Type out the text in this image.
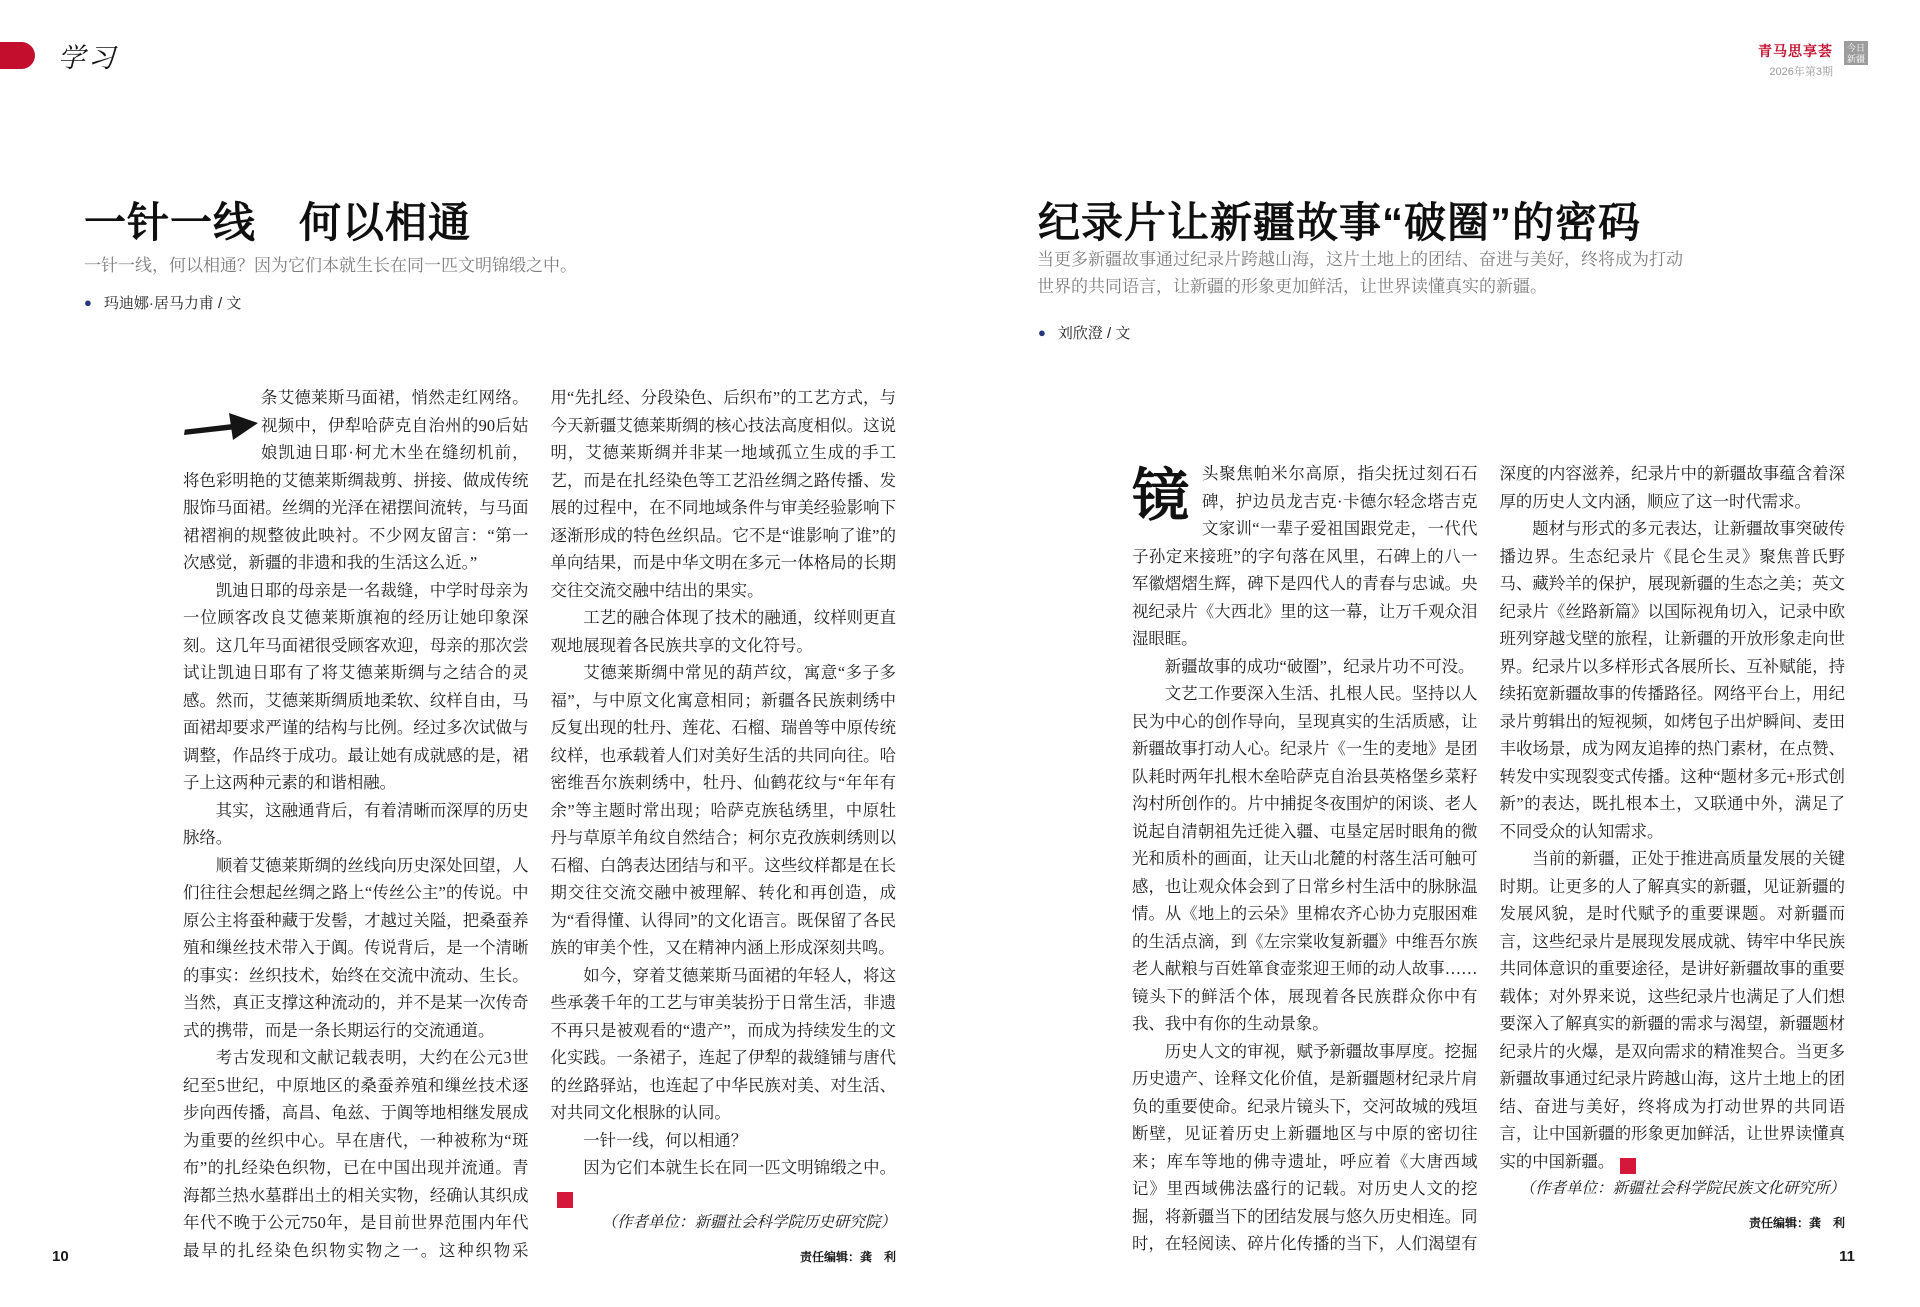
学习	青马思享荟
2026年第3期
今日
新疆
一针一线　何以相通
一针一线，何以相通？因为它们本就生长在同一匹文明锦缎之中。
● 玛迪娜·居马力甫 / 文

条艾德莱斯马面裙，悄然走红网络。视频中，伊犁哈萨克自治州的90后姑娘凯迪日耶·柯尤木坐在缝纫机前，将色彩明艳的艾德莱斯绸裁剪、拼接、做成传统服饰马面裙。丝绸的光泽在裙摆间流转，与马面裙褶裥的规整彼此映衬。不少网友留言：“第一次感觉，新疆的非遗和我的生活这么近。”

凯迪日耶的母亲是一名裁缝，中学时母亲为一位顾客改良艾德莱斯旗袍的经历让她印象深刻。这几年马面裙很受顾客欢迎，母亲的那次尝试让凯迪日耶有了将艾德莱斯绸与之结合的灵感。然而，艾德莱斯绸质地柔软、纹样自由，马面裙却要求严谨的结构与比例。经过多次试做与调整，作品终于成功。最让她有成就感的是，裙子上这两种元素的和谐相融。

其实，这融通背后，有着清晰而深厚的历史脉络。

顺着艾德莱斯绸的丝线向历史深处回望，人们往往会想起丝绸之路上“传丝公主”的传说。中原公主将蚕种藏于发髻，才越过关隘，把桑蚕养殖和缫丝技术带入于阗。传说背后，是一个清晰的事实：丝织技术，始终在交流中流动、生长。当然，真正支撑这种流动的，并不是某一次传奇式的携带，而是一条长期运行的交流通道。

考古发现和文献记载表明，大约在公元3世纪至5世纪，中原地区的桑蚕养殖和缫丝技术逐步向西传播，高昌、龟兹、于阗等地相继发展成为重要的丝织中心。早在唐代，一种被称为“斑布”的扎经染色织物，已在中国出现并流通。青海都兰热水墓群出土的相关实物，经确认其织成年代不晚于公元750年，是目前世界范围内年代最早的扎经染色织物实物之一。这种织物采用“先扎经、分段染色、后织布”的工艺方式，与今天新疆艾德莱斯绸的核心技法高度相似。这说明，艾德莱斯绸并非某一地域孤立生成的手工艺，而是在扎经染色等工艺沿丝绸之路传播、发展的过程中，在不同地域条件与审美经验影响下逐渐形成的特色丝织品。它不是“谁影响了谁”的单向结果，而是中华文明在多元一体格局的长期交往交流交融中结出的果实。

工艺的融合体现了技术的融通，纹样则更直观地展现着各民族共享的文化符号。

艾德莱斯绸中常见的葫芦纹，寓意“多子多福”，与中原文化寓意相同；新疆各民族刺绣中反复出现的牡丹、莲花、石榴、瑞兽等中原传统纹样，也承载着人们对美好生活的共同向往。哈密维吾尔族刺绣中，牡丹、仙鹤花纹与“年年有余”等主题时常出现；哈萨克族毡绣里，中原牡丹与草原羊角纹自然结合；柯尔克孜族刺绣则以石榴、白鸽表达团结与和平。这些纹样都是在长期交往交流交融中被理解、转化和再创造，成为“看得懂、认得同”的文化语言。既保留了各民族的审美个性，又在精神内涵上形成深刻共鸣。

如今，穿着艾德莱斯马面裙的年轻人，将这些承袭千年的工艺与审美装扮于日常生活，非遗不再只是被观看的“遗产”，而成为持续发生的文化实践。一条裙子，连起了伊犁的裁缝铺与唐代的丝路驿站，也连起了中华民族对美、对生活、对共同文化根脉的认同。

一针一线，何以相通？

因为它们本就生长在同一匹文明锦缎之中。J

（作者单位：新疆社会科学院历史研究院）

责任编辑：龚　利

10
纪录片让新疆故事“破圈”的密码
当更多新疆故事通过纪录片跨越山海，这片土地上的团结、奋进与美好，终将成为打动
世界的共同语言，让新疆的形象更加鲜活，让世界读懂真实的新疆。
● 刘欣澄 / 文

镜头聚焦帕米尔高原，指尖抚过刻石石碑，护边员龙吉克·卡德尔轻念塔吉克文家训“一辈子爱祖国跟党走，一代代子孙定来接班”的字句落在风里，石碑上的八一军徽熠熠生辉，碑下是四代人的青春与忠诚。央视纪录片《大西北》里的这一幕，让万千观众泪湿眼眶。

新疆故事的成功“破圈”，纪录片功不可没。

文艺工作要深入生活、扎根人民。坚持以人民为中心的创作导向，呈现真实的生活质感，让新疆故事打动人心。纪录片《一生的麦地》是团队耗时两年扎根木垒哈萨克自治县英格堡乡菜籽沟村所创作的。片中捕捉冬夜围炉的闲谈、老人说起自清朝祖先迁徙入疆、屯垦定居时眼角的微光和质朴的画面，让天山北麓的村落生活可触可感，也让观众体会到了日常乡村生活中的脉脉温情。从《地上的云朵》里棉农齐心协力克服困难的生活点滴，到《左宗棠收复新疆》中维吾尔族老人献粮与百姓箪食壶浆迎王师的动人故事……镜头下的鲜活个体，展现着各民族群众你中有我、我中有你的生动景象。

历史人文的审视，赋予新疆故事厚度。挖掘历史遗产、诠释文化价值，是新疆题材纪录片肩负的重要使命。纪录片镜头下，交河故城的残垣断壁，见证着历史上新疆地区与中原的密切往来；库车等地的佛寺遗址，呼应着《大唐西域记》里西域佛法盛行的记载。对历史人文的挖掘，将新疆当下的团结发展与悠久历史相连。同时，在轻阅读、碎片化传播的当下，人们渴望有深度的内容滋养，纪录片中的新疆故事蕴含着深厚的历史人文内涵，顺应了这一时代需求。

题材与形式的多元表达，让新疆故事突破传播边界。生态纪录片《昆仑生灵》聚焦普氏野马、藏羚羊的保护，展现新疆的生态之美；英文纪录片《丝路新篇》以国际视角切入，记录中欧班列穿越戈壁的旅程，让新疆的开放形象走向世界。纪录片以多样形式各展所长、互补赋能，持续拓宽新疆故事的传播路径。网络平台上，用纪录片剪辑出的短视频，如烤包子出炉瞬间、麦田丰收场景，成为网友追捧的热门素材，在点赞、转发中实现裂变式传播。这种“题材多元+形式创新”的表达，既扎根本土，又联通中外，满足了不同受众的认知需求。

当前的新疆，正处于推进高质量发展的关键时期。让更多的人了解真实的新疆，见证新疆的发展风貌，是时代赋予的重要课题。对新疆而言，这些纪录片是展现发展成就、铸牢中华民族共同体意识的重要途径，是讲好新疆故事的重要载体；对外界来说，这些纪录片也满足了人们想要深入了解真实的新疆的需求与渴望，新疆题材纪录片的火爆，是双向需求的精准契合。当更多新疆故事通过纪录片跨越山海，这片土地上的团结、奋进与美好，终将成为打动世界的共同语言，让中国新疆的形象更加鲜活，让世界读懂真实的中国新疆。	J

（作者单位：新疆社会科学院民族文化研究所）

责任编辑：龚　利

11
